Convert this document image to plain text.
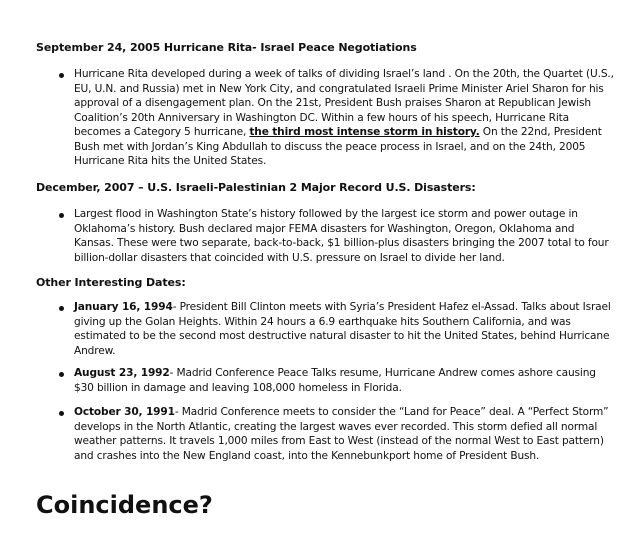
September 24, 2005 Hurricane Rita- Israel Peace Negotiations
Hurricane Rita developed during a week of talks of dividing Israel’s land . On the 20th, the Quartet (U.S., EU, U.N. and Russia) met in New York City, and congratulated Israeli Prime Minister Ariel Sharon for his approval of a disengagement plan. On the 21st, President Bush praises Sharon at Republican Jewish Coalition’s 20th Anniversary in Washington DC. Within a few hours of his speech, Hurricane Rita becomes a Category 5 hurricane, the third most intense storm in history. On the 22nd, President Bush met with Jordan’s King Abdullah to discuss the peace process in Israel, and on the 24th, 2005 Hurricane Rita hits the United States.
December, 2007 – U.S. Israeli-Palestinian 2 Major Record U.S. Disasters:
Largest flood in Washington State’s history followed by the largest ice storm and power outage in Oklahoma’s history. Bush declared major FEMA disasters for Washington, Oregon, Oklahoma and Kansas. These were two separate, back-to-back, $1 billion-plus disasters bringing the 2007 total to four billion-dollar disasters that coincided with U.S. pressure on Israel to divide her land.
Other Interesting Dates:
January 16, 1994- President Bill Clinton meets with Syria’s President Hafez el-Assad. Talks about Israel giving up the Golan Heights. Within 24 hours a 6.9 earthquake hits Southern California, and was estimated to be the second most destructive natural disaster to hit the United States, behind Hurricane Andrew.
August 23, 1992- Madrid Conference Peace Talks resume, Hurricane Andrew comes ashore causing $30 billion in damage and leaving 108,000 homeless in Florida.
October 30, 1991- Madrid Conference meets to consider the “Land for Peace” deal. A “Perfect Storm” develops in the North Atlantic, creating the largest waves ever recorded. This storm defied all normal weather patterns. It travels 1,000 miles from East to West (instead of the normal West to East pattern) and crashes into the New England coast, into the Kennebunkport home of President Bush.
Coincidence?
